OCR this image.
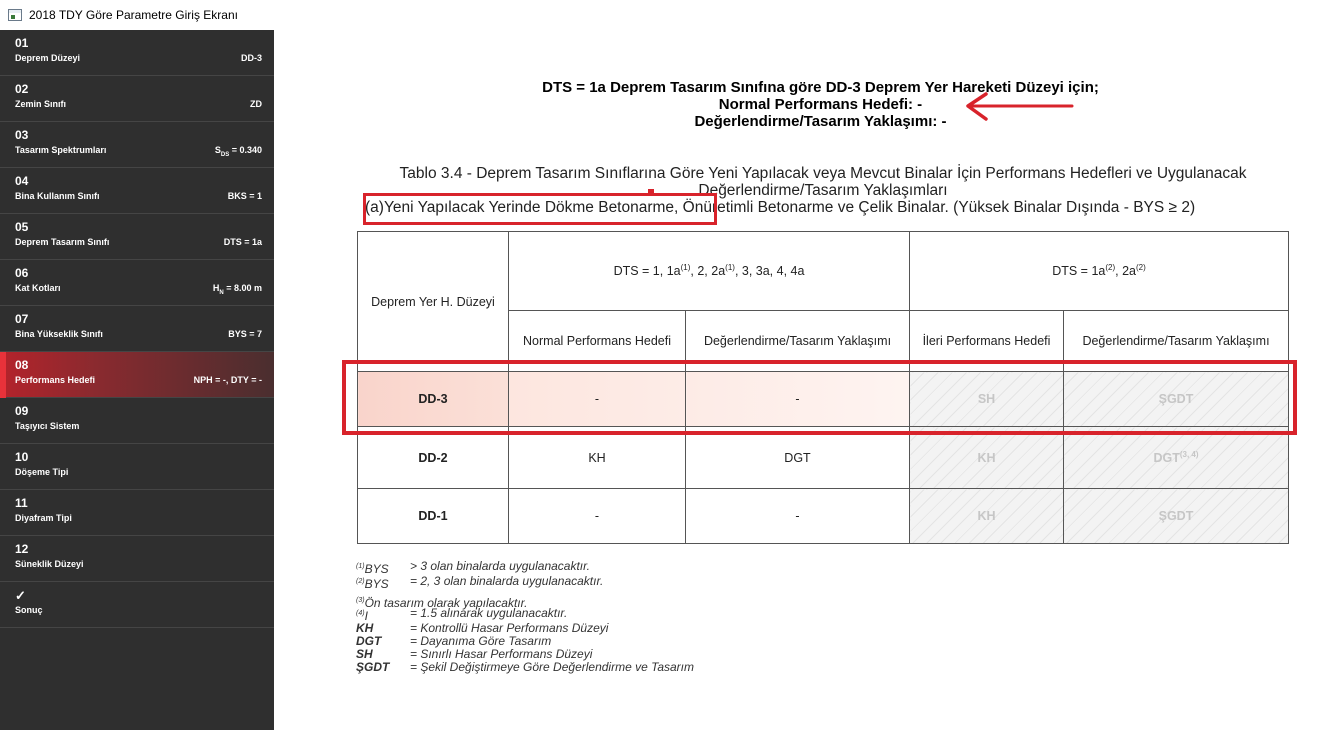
2018 TDY Göre Parametre Giriş Ekranı
01
Deprem Düzeyi	DD-3
02
Zemin Sınıfı	ZD
03
Tasarım Spektrumları	$S_{DS} = 0.340$
04
Bina Kullanım Sınıfı	BKS = 1
05
Deprem Tasarım Sınıfı	DTS = 1a
06
Kat Kotları	$H_N = 8.00$ m
07
Bina Yükseklik Sınıfı	BYS = 7
08
Performans Hedefi	NPH = -, DTY = -
09
Taşıyıcı Sistem
10
Döşeme Tipi
11
Diyafram Tipi
12
Süneklik Düzeyi
✓
Sonuç
DTS = 1a Deprem Tasarım Sınıfına göre DD-3 Deprem Yer Hareketi Düzeyi için;
Normal Performans Hedefi: -
Değerlendirme/Tasarım Yaklaşımı: -
Tablo 3.4 - Deprem Tasarım Sınıflarına Göre Yeni Yapılacak veya Mevcut Binalar İçin Performans Hedefleri ve Uygulanacak
Değerlendirme/Tasarım Yaklaşımları
(a)Yeni Yapılacak Yerinde Dökme Betonarme, Önüretimli Betonarme ve Çelik Binalar. (Yüksek Binalar Dışında - BYS ≥ 2)
Deprem Yer H. Düzeyi	DTS = 1, $1a^{(1)}$, 2, $2a^{(1)}$, 3, 3a, 4, 4a		DTS = $1a^{(2)}$, $2a^{(2)}$
	Normal Performans Hedefi	Değerlendirme/Tasarım Yaklaşımı	İleri Performans Hedefi	Değerlendirme/Tasarım Yaklaşımı
DD-3	-	-	SH	ŞGDT
DD-2	KH	DGT	KH	DGT$^{(3, 4)}$
DD-1	-	-	KH	ŞGDT
$^{(1)}$BYS > 3 olan binalarda uygulanacaktır.
$^{(2)}$BYS = 2, 3 olan binalarda uygulanacaktır.
$^{(3)}$Ön tasarım olarak yapılacaktır.
$^{(4)}$I	= 1.5 alınarak uygulanacaktır.
KH	= Kontrollü Hasar Performans Düzeyi
DGT = Dayanıma Göre Tasarım
SH	= Sınırlı Hasar Performans Düzeyi
ŞGDT = Şekil Değiştirmeye Göre Değerlendirme ve Tasarım
